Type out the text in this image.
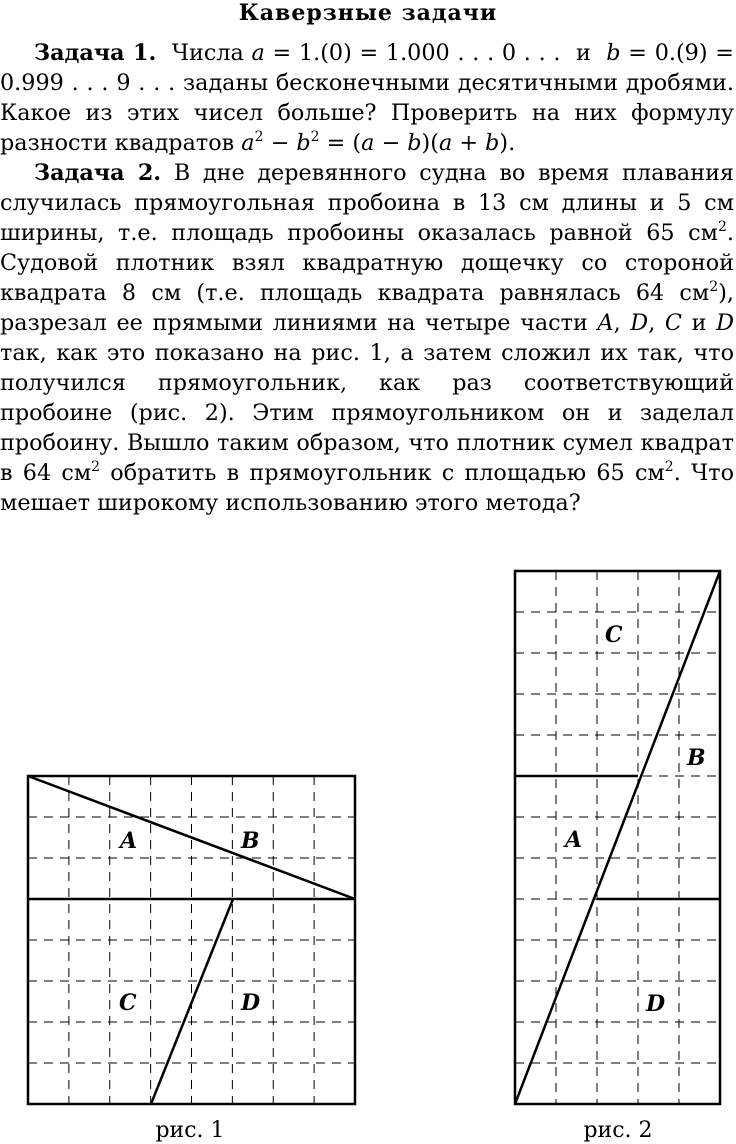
Каверзные задачи

Задача 1. Числа a = 1.(0) = 1.000 . . . 0 . . .  и  b = 0.(9) = 0.999 . . . 9 . . . заданы бесконечными десятичными дробями. Какое из этих чисел больше? Проверить на них формулу разности квадратов $a^2 - b^2 = (a - b)(a + b)$.

Задача 2. В дне деревянного судна во время плавания случилась прямоугольная пробоина в 13 см длины и 5 см ширины, т.е. площадь пробоины оказалась равной 65 $см^2$. Судовой плотник взял квадратную дощечку со стороной квадрата 8 см (т.е. площадь квадрата равнялась 64 $см^2$), разрезал ее прямыми линиями на четыре части A, D, C и D так, как это показано на рис. 1, а затем сложил их так, что получился прямоугольник, как раз соответствующий пробоине (рис. 2). Этим прямоугольником он и заделал пробоину. Вышло таким образом, что плотник сумел квадрат в 64 $см^2$ обратить в прямоугольник с площадью 65 $см^2$. Что мешает широкому использованию этого метода?

A	B
C	D
рис. 1
C
B
A
D
рис. 2
